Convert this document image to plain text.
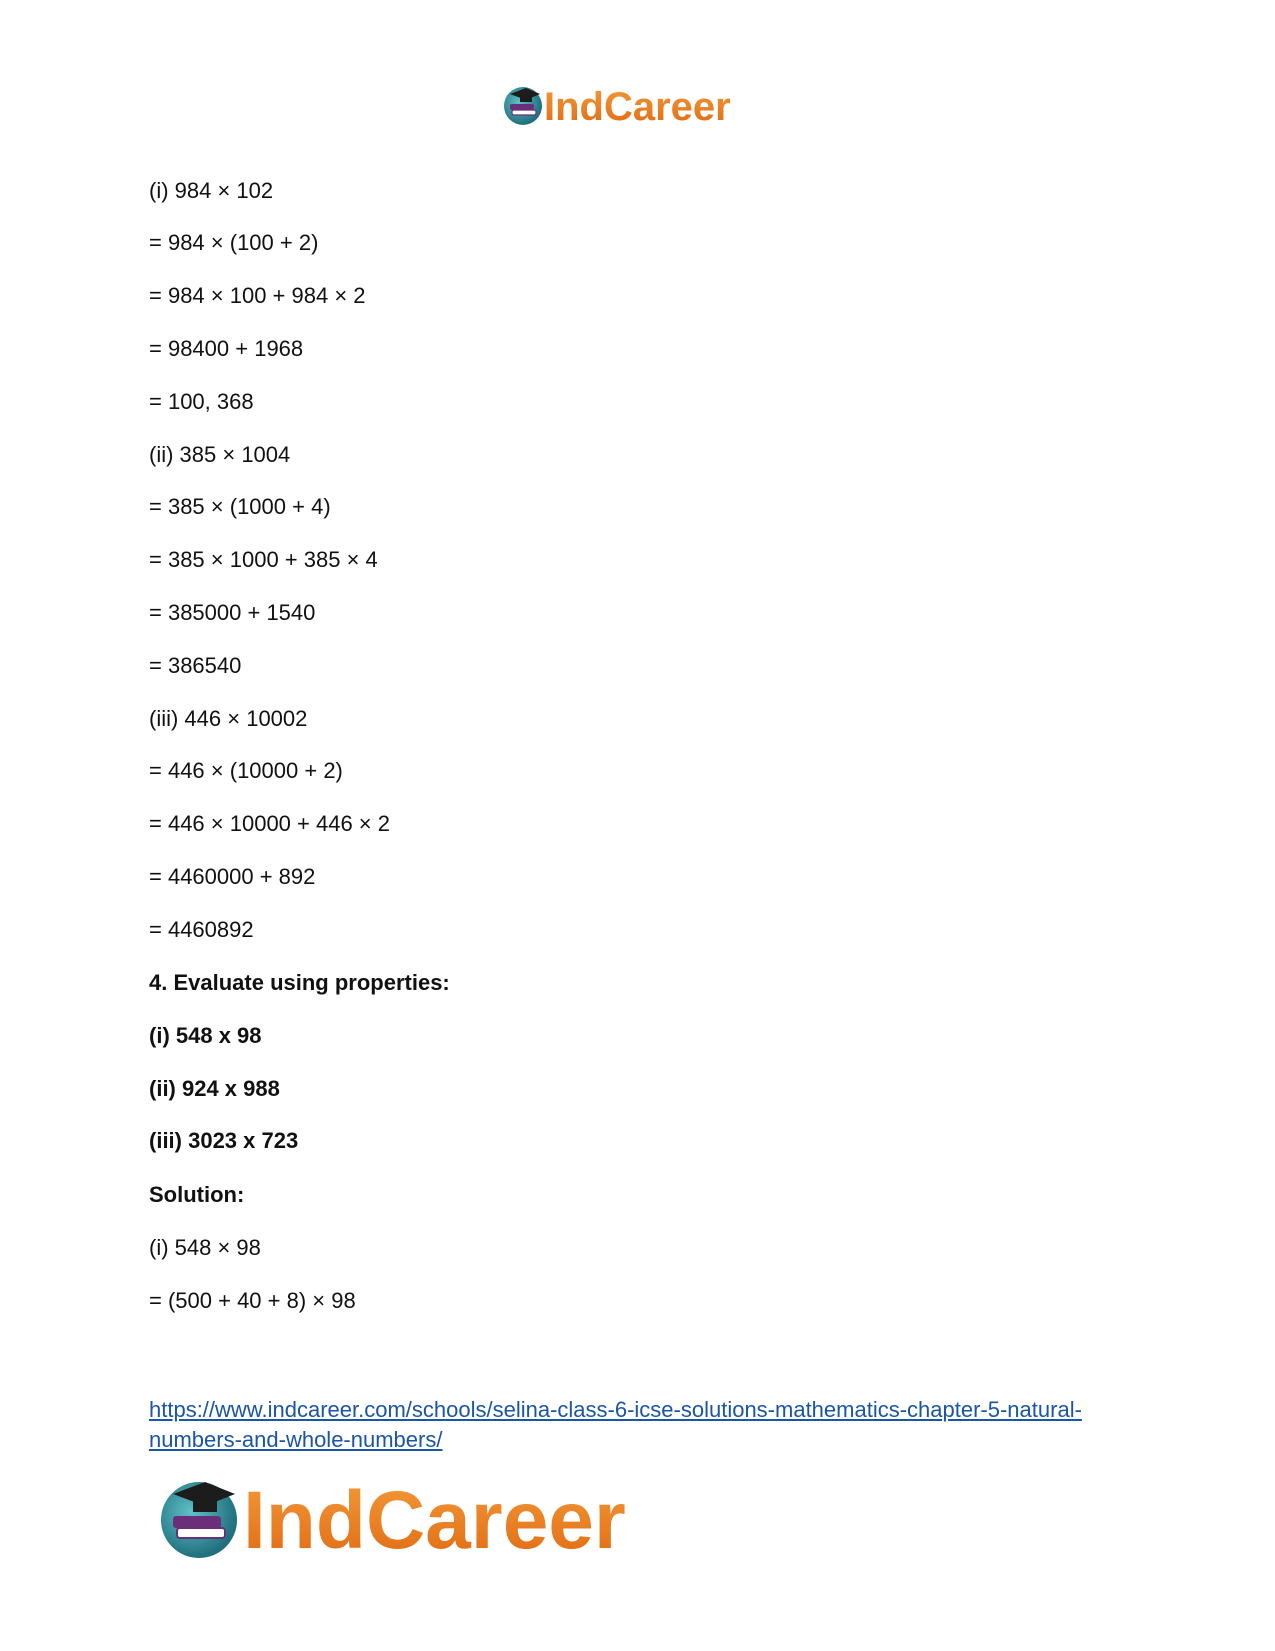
IndCareer
(i) 984 × 102
= 984 × (100 + 2)
= 984 × 100 + 984 × 2
= 98400 + 1968
= 100, 368
(ii) 385 × 1004
= 385 × (1000 + 4)
= 385 × 1000 + 385 × 4
= 385000 + 1540
= 386540
(iii) 446 × 10002
= 446 × (10000 + 2)
= 446 × 10000 + 446 × 2
= 4460000 + 892
= 4460892
4. Evaluate using properties:
(i) 548 x 98
(ii) 924 x 988
(iii) 3023 x 723
Solution:
(i) 548 × 98
= (500 + 40 + 8) × 98
https://www.indcareer.com/schools/selina-class-6-icse-solutions-mathematics-chapter-5-natural-
numbers-and-whole-numbers/
IndCareer
